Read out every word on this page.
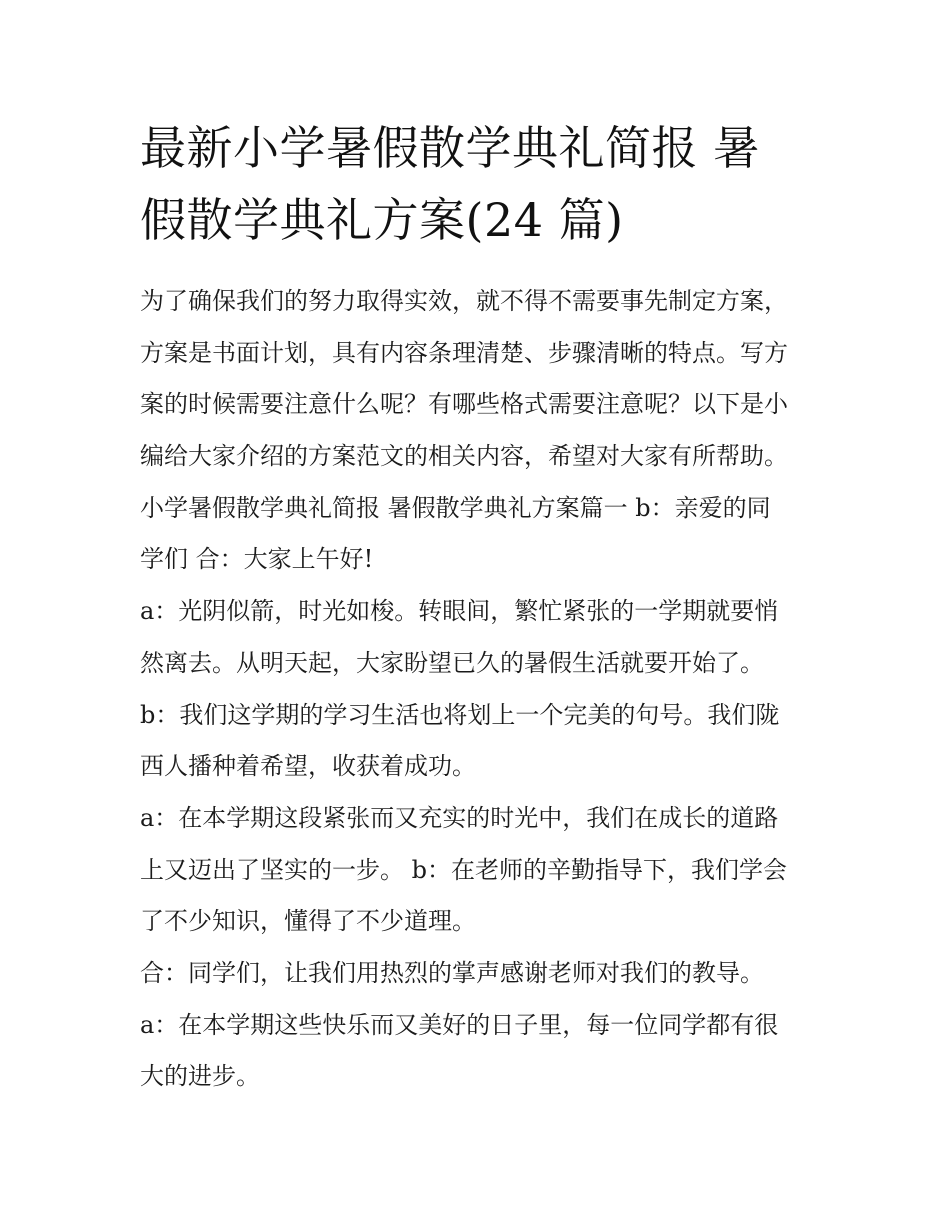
最新小学暑假散学典礼简报 暑
假散学典礼方案(24 篇)
为了确保我们的努力取得实效，就不得不需要事先制定方案，
方案是书面计划，具有内容条理清楚、步骤清晰的特点。写方
案的时候需要注意什么呢？有哪些格式需要注意呢？以下是小
编给大家介绍的方案范文的相关内容，希望对大家有所帮助。
小学暑假散学典礼简报 暑假散学典礼方案篇一 b：亲爱的同
学们 合：大家上午好!
a：光阴似箭，时光如梭。转眼间，繁忙紧张的一学期就要悄
然离去。从明天起，大家盼望已久的暑假生活就要开始了。
b：我们这学期的学习生活也将划上一个完美的句号。我们陇
西人播种着希望，收获着成功。
a：在本学期这段紧张而又充实的时光中，我们在成长的道路
上又迈出了坚实的一步。 b：在老师的辛勤指导下，我们学会
了不少知识，懂得了不少道理。
合：同学们，让我们用热烈的掌声感谢老师对我们的教导。
a：在本学期这些快乐而又美好的日子里，每一位同学都有很
大的进步。
